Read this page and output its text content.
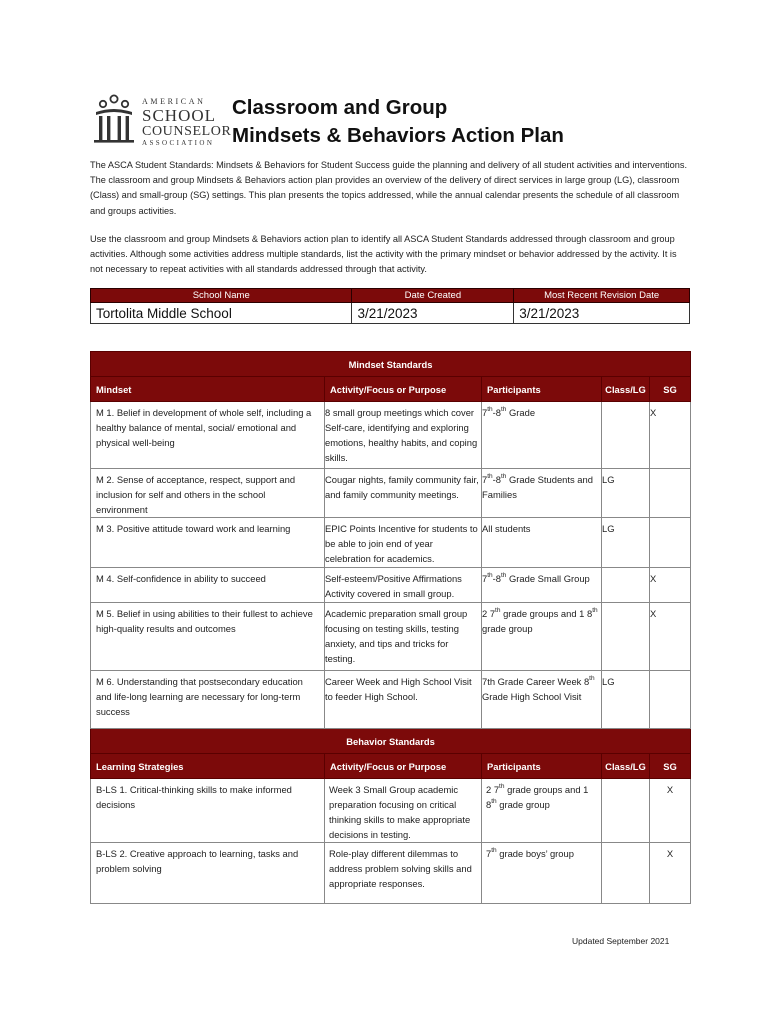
AMERICAN
SCHOOL
COUNSELOR
ASSOCIATION
Classroom and Group
Mindsets & Behaviors Action Plan

The ASCA Student Standards: Mindsets & Behaviors for Student Success guide the planning and delivery of all student activities and interventions. The classroom and group Mindsets & Behaviors action plan provides an overview of the delivery of direct services in large group (LG), classroom (Class) and small-group (SG) settings. This plan presents the topics addressed, while the annual calendar presents the schedule of all classroom and groups activities.

Use the classroom and group Mindsets & Behaviors action plan to identify all ASCA Student Standards addressed through classroom and group activities. Although some activities address multiple standards, list the activity with the primary mindset or behavior addressed by the activity. It is not necessary to repeat activities with all standards addressed through that activity.

School Name	Date Created	Most Recent Revision Date
Tortolita Middle School	3/21/2023	3/21/2023
Mindset Standards				
Mindset	Activity/Focus or Purpose	Participants	Class/LG	SG
M 1. Belief in development of whole self, including a healthy balance of mental, social/ emotional and physical well-being	8 small group meetings which cover Self-care, identifying and exploring emotions, healthy habits, and coping skills.	7th-8th Grade		X
M 2. Sense of acceptance, respect, support and inclusion for self and others in the school environment	Cougar nights, family community fair, and family community meetings.	7th-8th Grade Students and Families	LG	
M 3. Positive attitude toward work and learning	EPIC Points Incentive for students to be able to join end of year celebration for academics.	All students	LG	
M 4. Self-confidence in ability to succeed	Self-esteem/Positive Affirmations Activity covered in small group.	7th-8th Grade Small Group		X
M 5. Belief in using abilities to their fullest to achieve high-quality results and outcomes	Academic preparation small group focusing on testing skills, testing anxiety, and tips and tricks for testing.	2 7th grade groups and 1 8th grade group		X
M 6. Understanding that postsecondary education and life-long learning are necessary for long-term success	Career Week and High School Visit to feeder High School.	7th Grade Career Week 8th Grade High School Visit	LG	
Behavior Standards				
Learning Strategies	Activity/Focus or Purpose	Participants	Class/LG	SG
B-LS 1. Critical-thinking skills to make informed decisions	Week 3 Small Group academic preparation focusing on critical thinking skills to make appropriate decisions in testing.	2 7th grade groups and 1 8th grade group		X
B-LS 2. Creative approach to learning, tasks and problem solving	Role-play different dilemmas to address problem solving skills and appropriate responses.	7th grade boys’ group		X
Updated September 2021
